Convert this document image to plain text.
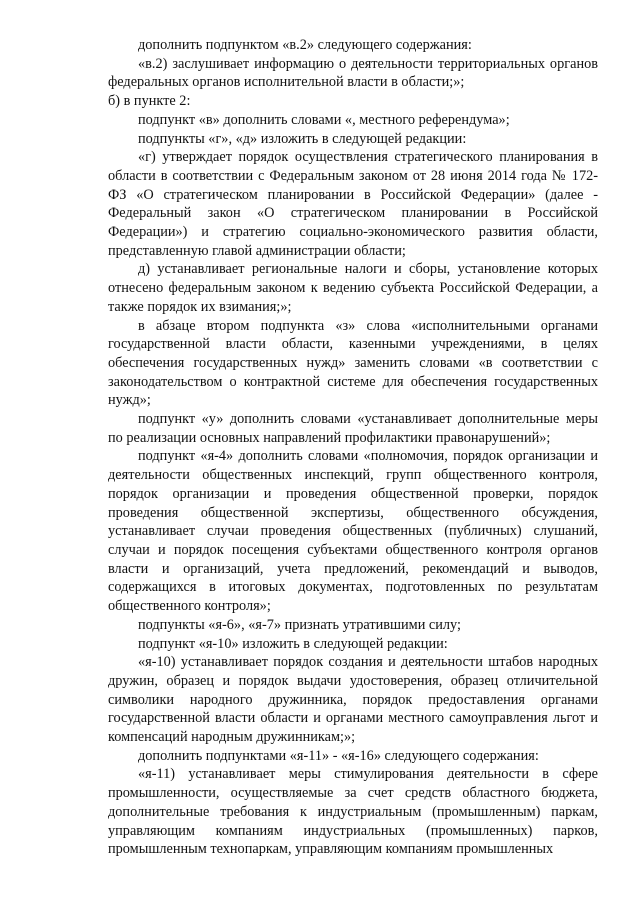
дополнить подпунктом «в.2» следующего содержания:

«в.2) заслушивает информацию о деятельности территориальных органов федеральных органов исполнительной власти в области;»;

б) в пункте 2:

подпункт «в» дополнить словами «, местного референдума»;

подпункты «г», «д» изложить в следующей редакции:

«г) утверждает порядок осуществления стратегического планирования в области в соответствии с Федеральным законом от 28 июня 2014 года № 172-ФЗ «О стратегическом планировании в Российской Федерации» (далее - Федеральный закон «О стратегическом планировании в Российской Федерации») и стратегию социально-экономического развития области, представленную главой администрации области;

д) устанавливает региональные налоги и сборы, установление которых отнесено федеральным законом к ведению субъекта Российской Федерации, а также порядок их взимания;»;

в абзаце втором подпункта «з» слова «исполнительными органами государственной власти области, казенными учреждениями, в целях обеспечения государственных нужд» заменить словами «в соответствии с законодательством о контрактной системе для обеспечения государственных нужд»;

подпункт «у» дополнить словами «устанавливает дополнительные меры по реализации основных направлений профилактики правонарушений»;

подпункт «я-4» дополнить словами «полномочия, порядок организации и деятельности общественных инспекций, групп общественного контроля, порядок организации и проведения общественной проверки, порядок проведения общественной экспертизы, общественного обсуждения, устанавливает случаи проведения общественных (публичных) слушаний, случаи и порядок посещения субъектами общественного контроля органов власти и организаций, учета предложений, рекомендаций и выводов, содержащихся в итоговых документах, подготовленных по результатам общественного контроля»;

подпункты «я-6», «я-7» признать утратившими силу;

подпункт «я-10» изложить в следующей редакции:

«я-10) устанавливает порядок создания и деятельности штабов народных дружин, образец и порядок выдачи удостоверения, образец отличительной символики народного дружинника, порядок предоставления органами государственной власти области и органами местного самоуправления льгот и компенсаций народным дружинникам;»;

дополнить подпунктами «я-11» - «я-16» следующего содержания:

«я-11) устанавливает меры стимулирования деятельности в сфере промышленности, осуществляемые за счет средств областного бюджета, дополнительные требования к индустриальным (промышленным) паркам, управляющим компаниям индустриальных (промышленных) парков, промышленным технопаркам, управляющим компаниям промышленных
